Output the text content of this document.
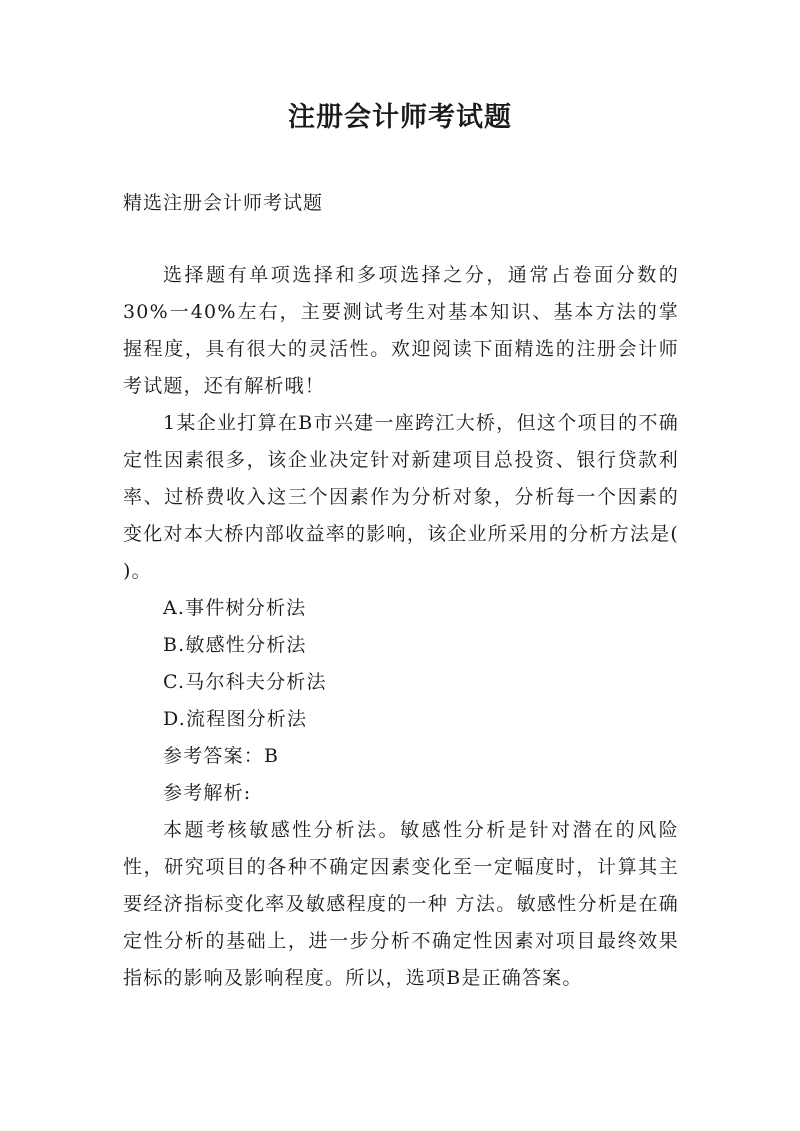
注册会计师考试题
精选注册会计师考试题

选择题有单项选择和多项选择之分，通常占卷面分数的30%一40%左右，主要测试考生对基本知识、基本方法的掌握程度，具有很大的灵活性。欢迎阅读下面精选的注册会计师考试题，还有解析哦！

1某企业打算在B市兴建一座跨江大桥，但这个项目的不确定性因素很多，该企业决定针对新建项目总投资、银行贷款利率、过桥费收入这三个因素作为分析对象，分析每一个因素的变化对本大桥内部收益率的影响，该企业所采用的分析方法是( )。

A.事件树分析法

B.敏感性分析法

C.马尔科夫分析法

D.流程图分析法

参考答案：B

参考解析:

本题考核敏感性分析法。敏感性分析是针对潜在的风险性，研究项目的各种不确定因素变化至一定幅度时，计算其主要经济指标变化率及敏感程度的一种 方法。敏感性分析是在确定性分析的基础上，进一步分析不确定性因素对项目最终效果指标的影响及影响程度。所以，选项B是正确答案。
